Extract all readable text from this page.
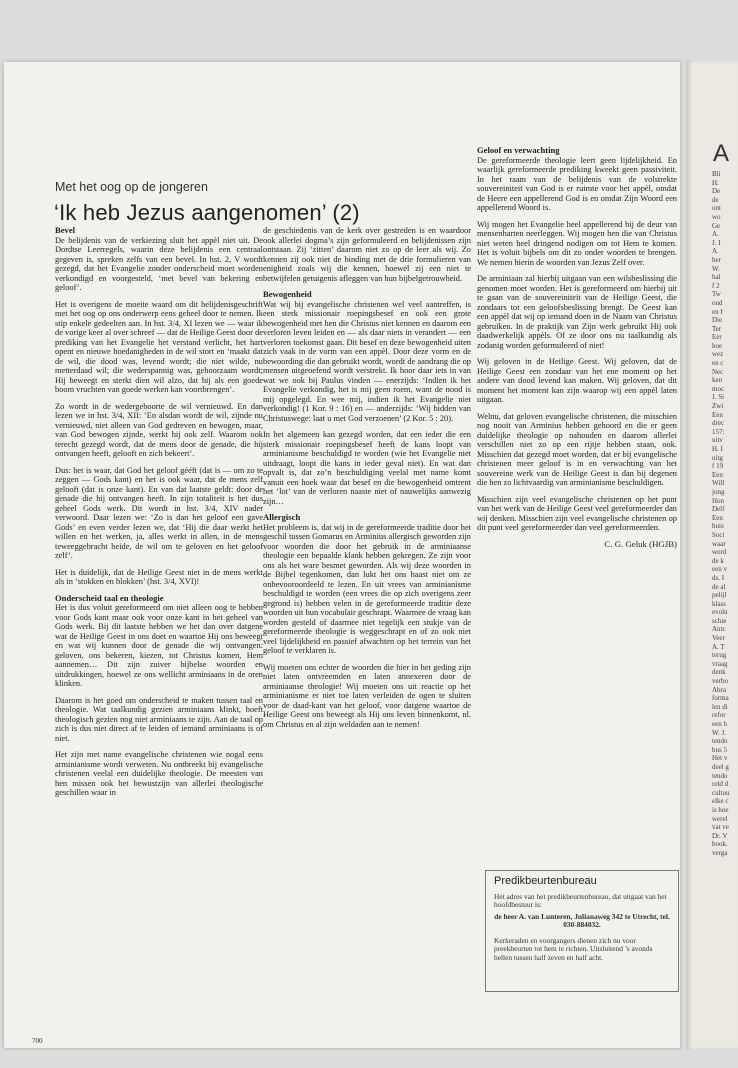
Met het oog op de jongeren
‘Ik heb Jezus aangenomen’ (2)
Bevel

De belijdenis van de verkiezing sluit het appèl niet uit. De Dordtse Leerregels, waarin deze belijdenis een centraal gegeven is, spreken zelfs van een bevel. In hst. 2, V wordt gezegd, dat het Evangelie zonder onderscheid moet worden verkondigd en voorgesteld, ‘met bevel van bekering en geloof’.

Het is overigens de moeite waard om dit belijdenisgeschrift met het oog op ons onderwerp eens geheel door te nemen. Ik stip enkele gedeelten aan. In hst. 3/4, XI lezen we — waar ik de vorige keer al over schreef — dat de Heilige Geest door de prediking van het Evangelie het verstand verlicht, het hart opent en nieuwe hoedanigheden in de wil stort en ‘maakt dat de wil, die dood was, levend wordt; die niet wilde, nu metterdaad wil; die wederspannig was, gehoorzaam wordt; Hij beweegt en sterkt dien wil alzo, dat hij als een goede boom vruchten van goede werken kan voortbrengen’.

Zo wordt in de wedergeboorte de wil vernieuwd. En dan lezen we in hst. 3/4, XII: ‘En alsdan wordt de wil, zijnde nu vernieuwd, niet alleen van God gedreven en bewogen, maar, van God bewogen zijnde, werkt hij ook zelf. Waarom ook terecht gezegd wordt, dat de mens door de genade, die hij ontvangen heeft, gelooft en zich bekeert’.

Dus: het is waar, dat God het geloof gééft (dat is — om zo te zeggen — Gods kant) en het is ook waar, dat de mens zelf gelooft (dat is onze kant). En van dat laatste geldt: door de genade die hij ontvangen heeft. In zijn totaliteit is het dus geheel Gods werk. Dit wordt in hst. 3/4, XIV nader verwoord. Daar lezen we: ‘Zo is dan het geloof een gave Gods’ en even verder lezen we, dat ‘Hij die daar werkt het willen en het werken, ja, alles werkt in allen, in de mens teweeggebracht beide, de wil om te geloven en het geloof zelf’.

Het is duidelijk, dat de Heilige Geest niet in de mens werkt als in ‘stokken en blokken’ (hst. 3/4, XVI)!

Onderscheid taal en theologie

Het is dus voluit gereformeerd om niet alleen oog te hebben voor Gods kant maar ook voor onze kant in het geheel van Gods werk. Bij dit laatste hebben we het dan over datgene wat de Heilige Geest in ons doet en waartoe Hij ons beweegt en wat wij kunnen door de genade die wij ontvangen: geloven, ons bekeren, kiezen, tot Christus komen, Hem aannemen… Dit zijn zuiver bijbelse woorden en uitdrukkingen, hoewel ze ons wellicht arminiaans in de oren klinken.

Daarom is het goed om onderscheid te maken tussen taal en theologie. Wat taalkundig gezien arminiaans klinkt, hoeft theologisch gezien nog niet arminiaans te zijn. Aan de taal op zich is dus niet direct af te leiden of iemand arminiaans is of niet.

Het zijn met name evangelische christenen wie nogal eens arminianisme wordt verweten. Nu ontbreekt bij evangelische christenen veelal een duidelijke theologie. De meesten van hen missen ook het bewustzijn van allerlei theologische geschillen waar in

de geschiedenis van de kerk over gestreden is en waardoor ook allerlei dogma’s zijn geformuleerd en belijdenissen zijn ontstaan. Zij ‘zitten’ daarom niet zo op de leer als wij. Zo kennen zij ook niet de binding met de drie formulieren van enigheid zoals wij die kennen, hoewel zij een niet te betwijfelen getuigenis afleggen van hun bijbelgetrouwheid.

Bewogenheid

Wat wij bij evangelische christenen wel veel aantreffen, is een sterk missionair roepingsbesef en ook een grote bewogenheid met hen die Christus niet kennen en daarom een verloren leven leiden en — als daar niets in verandert — een verloren toekomst gaan. Dit besef en deze bewogenheid uiten zich vaak in de vorm van een appèl. Door deze vorm en de bewoording die dan gebruikt wordt, wordt de aandrang die op mensen uitgeoefend wordt verstrekt. Ik hoor daar iets in van wat we ook bij Paulus vinden — enerzijds: ‘Indien ik het Evangelie verkondig, het is mij geen roem, want de nood is mij opgelegd. En wee mij, indien ik het Evangelie niet verkondig! (1 Kor. 9 : 16) en — anderzijds: ‘Wij bidden van Christuswege: laat u met God verzoenen’ (2 Kor. 5 : 20).

In het algemeen kan gezegd worden, dat een ieder die een sterk missionair roepingsbesef heeft de kans loopt van arminianisme beschuldigd te worden (wie het Evangelie niet uitdraagt, loopt die kans in ieder geval niet). En wat dan opvalt is, dat zo’n beschuldiging veelal met name komt vanuit een hoek waar dat besef en die bewogenheid omtrent het ‘lot’ van de verloren naaste niet of nauwelijks aanwezig zijn…

Allergisch

Het probleem is, dat wij in de gereformeerde traditie door het geschil tussen Gomarus en Arminius allergisch geworden zijn voor woorden die door het gebruik in de arminiaanse theologie een bepaalde klank hebben gekregen. Ze zijn voor ons als het ware besmet geworden. Als wij deze woorden in de Bijbel tegenkomen, dan lukt het ons haast niet om ze onbevooroordeeld te lezen. En uit vrees van arminianisme beschuldigd te worden (een vrees die op zich overigens zeer gegrond is) hebben velen in de gereformeerde traditie deze woorden uit hun vocabulair geschrapt. Waarmee de vraag kan worden gesteld of daarmee niet tegelijk een stukje van de gereformeerde theologie is weggeschrapt en of zo ook niet veel lijdelijkheid en passief afwachten op het terrein van het geloof te verklaren is.

Wij moeten ons echter de woorden die hier in het geding zijn niet laten ontvreemden en laten annexeren door de arminiaanse theologie! Wij moeten ons uit reactie op het arminianisme er niet toe laten verleiden de ogen te sluiten voor de daad-kant van het geloof, voor datgene waartoe de Heilige Geest ons beweegt als Hij ons leven binnenkomt, nl. om Christus en al zijn weldaden aan te nemen!

Geloof en verwachting

De gereformeerde theologie leert geen lijdelijkheid. En waarlijk gereformeerde prediking kweekt geen passiviteit. In het raam van de belijdenis van de volstrekte souvereiniteit van God is er ruimte voor het appèl, omdat de Heere een appellerend God is en omdat Zijn Woord een appellerend Woord is.

Wij mogen het Evangelie heel appellerend bij de deur van mensenharten neerleggen. Wij mogen hen die van Christus niet weten heel dringend nodigen om tot Hem te komen. Het is voluit bijbels om dit zo onder woorden te brengen. We nemen hierin de woorden van Jezus Zelf over.

De arminiaan zal hierbij uitgaan van een wilsbeslissing die genomen moet worden. Het is gereformeerd om hierbij uit te gaan van de souvereiniteit van de Heilige Geest, die zondaars tot een geloofsbeslissing brengt. De Geest kan een appèl dat wij op iemand doen in de Naam van Christus gebruiken. In de praktijk van Zijn werk gebruikt Hij ook daadwerkelijk appèls. Of ze door ons nu taalkundig als zodanig worden geformuleerd of niet!

Wij geloven in de Heilige Geest. Wij geloven, dat de Heilige Geest een zondaar van het ene moment op het andere van dood levend kan maken. Wij geloven, dat dit moment het moment kan zijn waarop wij een appèl laten uitgaan.

Welnu, dat geloven evangelische christenen, die misschien nog nooit van Arminius hebben gehoord en die er geen duidelijke theologie op nahouden en daarom allerlei verschillen niet zo op een rijtje hebben staan, ook. Misschien dat gezegd moet worden, dat er bij evangelische christenen meer geloof is in en verwachting van het souvereine werk van de Heilige Geest is dan bij degenen die hen zo lichtvaardig van arminianisme beschuldigen.

Misschien zijn veel evangelische christenen op het punt van het werk van de Heilige Geest veel gereformeerder dan wij denken. Misschien zijn veel evangelische christenen op dit punt veel gereformeerder dan veel gereformeerden.

C. G. Geluk (HGJB)
Predikbeurtenbureau
Het adres van het predikbeurtenbureau, dat uitgaat van het hoofdbestuur is:
de heer A. van Lunteren, Julianaweg 342 te Utrecht, tel. 030-884032.
Kerkeraden en voorgangers dienen zich nu voor preekbeurten tot hem te richten. Uitsluitend ’s avonds bellen tussen half zeven en half acht.
700
A
Bli
H.
De
de
ont
wo
Ge
A.
J. I
A.
her
W.
hal
f 2
Tw
oud
en I
Die
Ter
Eer
hoe
wez
en c
Nec
ken
moc
J. Si
Zwi
Een
drec
157:
uitv
H. I
uitg
f 19
Een
Will
jong
Hon
Delf
Een
huis
Soci
waar
word
de k
een v
ds. I
de al
pelijl
klass
evolu
schie
Autc
Veer
A. T
terug
vraag
denk
verbo
Abra
forma
len di
refor
een h
W. J.
tendo
bus 5
Het v
deel g
tendo
reld d
cultuu
elke c
is hoe
werel
vat ve
Dr. V
book.
verga
